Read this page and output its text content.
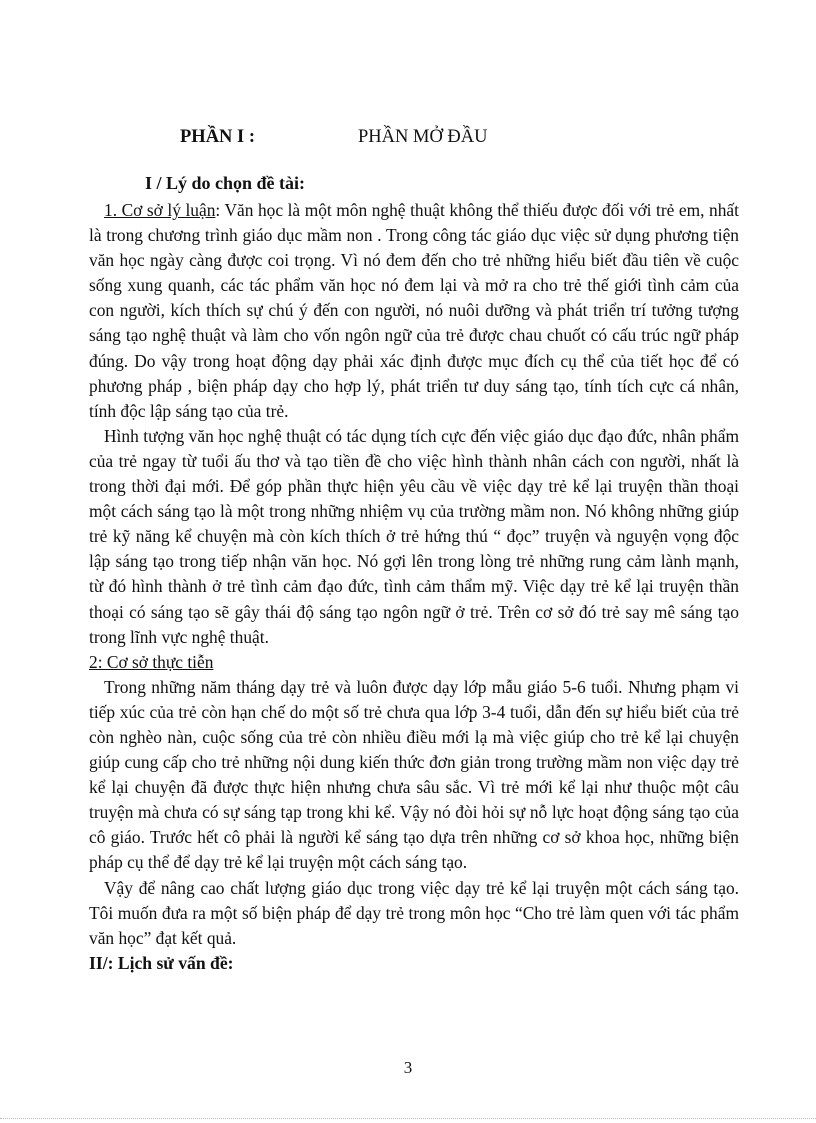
PHẦN I :	PHẦN MỞ ĐẦU
I / Lý do chọn đề tài:

1. Cơ sở lý luận: Văn học là một môn nghệ thuật không thể thiếu được đối với trẻ em, nhất là trong chương trình giáo dục mầm non . Trong công tác giáo dục việc sử dụng phương tiện văn học ngày càng được coi trọng. Vì nó đem đến cho trẻ những hiểu biết đầu tiên về cuộc sống xung quanh, các tác phẩm văn học nó đem lại và mở ra cho trẻ thế giới tình cảm của con người, kích thích sự chú ý đến con người, nó nuôi dưỡng và phát triển trí tưởng tượng sáng tạo nghệ thuật và làm cho vốn ngôn ngữ của trẻ được chau chuốt có cấu trúc ngữ pháp đúng. Do vậy trong hoạt động dạy phải xác định được mục đích cụ thể của tiết học để có phương pháp , biện pháp dạy cho hợp lý, phát triển tư duy sáng tạo, tính tích cực cá nhân, tính độc lập sáng tạo của trẻ.

Hình tượng văn học nghệ thuật có tác dụng tích cực đến việc giáo dục đạo đức, nhân phẩm của trẻ ngay từ tuổi ấu thơ và tạo tiền đề cho việc hình thành nhân cách con người, nhất là trong thời đại mới. Để góp phần thực hiện yêu cầu về việc dạy trẻ kể lại truyện thần thoại một cách sáng tạo là một trong những nhiệm vụ của trường mầm non. Nó không những giúp trẻ kỹ năng kể chuyện mà còn kích thích ở trẻ hứng thú “ đọc” truyện và nguyện vọng độc lập sáng tạo trong tiếp nhận văn học. Nó gợi lên trong lòng trẻ những rung cảm lành mạnh, từ đó hình thành ở trẻ tình cảm đạo đức, tình cảm thẩm mỹ. Việc dạy trẻ kể lại truyện thần thoại có sáng tạo sẽ gây thái độ sáng tạo ngôn ngữ ở trẻ. Trên cơ sở đó trẻ say mê sáng tạo trong lĩnh vực nghệ thuật.

2: Cơ sở thực tiễn

Trong những năm tháng dạy trẻ và luôn được dạy lớp mẫu giáo 5-6 tuổi. Nhưng phạm vi tiếp xúc của trẻ còn hạn chế do một số trẻ chưa qua lớp 3-4 tuổi, dẫn đến sự hiểu biết của trẻ còn nghèo nàn, cuộc sống của trẻ còn nhiều điều mới lạ mà việc giúp cho trẻ kể lại chuyện giúp cung cấp cho trẻ những nội dung kiến thức đơn giản trong trường mầm non việc dạy trẻ kể lại chuyện đã được thực hiện nhưng chưa sâu sắc. Vì trẻ mới kể lại như thuộc một câu truyện mà chưa có sự sáng tạp trong khi kể. Vậy nó đòi hỏi sự nỗ lực hoạt động sáng tạo của cô giáo. Trước hết cô phải là người kể sáng tạo dựa trên những cơ sở khoa học, những biện pháp cụ thể để dạy trẻ kể lại truyện một cách sáng tạo.

Vậy để nâng cao chất lượng giáo dục trong việc dạy trẻ kể lại truyện một cách sáng tạo. Tôi muốn đưa ra một số biện pháp để dạy trẻ trong môn học “Cho trẻ làm quen với tác phẩm văn học” đạt kết quả.

II/: Lịch sử vấn đề:

3
